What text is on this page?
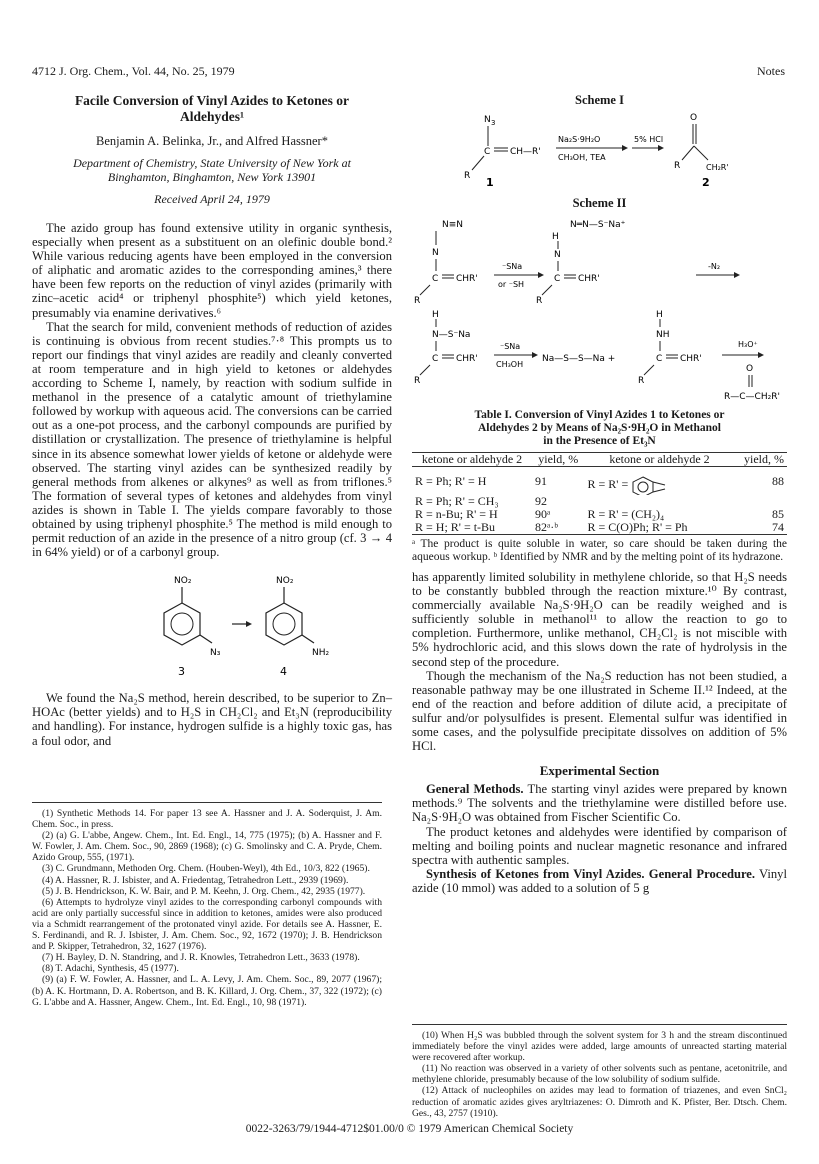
4712 J. Org. Chem., Vol. 44, No. 25, 1979	Notes
Facile Conversion of Vinyl Azides to Ketones or
Aldehydes¹
Benjamin A. Belinka, Jr., and Alfred Hassner*
Department of Chemistry, State University of New York at
Binghamton, Binghamton, New York 13901
Received April 24, 1979

The azido group has found extensive utility in organic synthesis, especially when present as a substituent on an olefinic double bond.² While various reducing agents have been employed in the conversion of aliphatic and aromatic azides to the corresponding amines,³ there have been few reports on the reduction of vinyl azides (primarily with zinc–acetic acid⁴ or triphenyl phosphite⁵) which yield ketones, presumably via enamine derivatives.⁶

That the search for mild, convenient methods of reduction of azides is continuing is obvious from recent studies.⁷·⁸ This prompts us to report our findings that vinyl azides are readily and cleanly converted at room temperature and in high yield to ketones or aldehydes according to Scheme I, namely, by reaction with sodium sulfide in methanol in the presence of a catalytic amount of triethylamine followed by workup with aqueous acid. The conversions can be carried out as a one-pot process, and the carbonyl compounds are purified by distillation or crystallization. The presence of triethylamine is helpful since in its absence somewhat lower yields of ketone or aldehyde were observed. The starting vinyl azides can be synthesized readily by general methods from alkenes or alkynes⁹ as well as from triflones.⁵ The formation of several types of ketones and aldehydes from vinyl azides is shown in Table I. The yields compare favorably to those obtained by using triphenyl phosphite.⁵ The method is mild enough to permit reduction of an azide in the presence of a nitro group (cf. 3 → 4 in 64% yield) or of a carbonyl group.

NO₂
N₃
3
NO₂
NH₂
4

We found the Na₂S method, herein described, to be superior to Zn–HOAc (better yields) and to H₂S in CH₂Cl₂ and Et₃N (reproducibility and handling). For instance, hydrogen sulfide is a highly toxic gas, has a foul odor, and

(1) Synthetic Methods 14. For paper 13 see A. Hassner and J. A. Soderquist, J. Am. Chem. Soc., in press.
(2) (a) G. L'abbe, Angew. Chem., Int. Ed. Engl., 14, 775 (1975); (b) A. Hassner and F. W. Fowler, J. Am. Chem. Soc., 90, 2869 (1968); (c) G. Smolinsky and C. A. Pryde, Chem. Azido Group, 555, (1971).
(3) C. Grundmann, Methoden Org. Chem. (Houben-Weyl), 4th Ed., 10/3, 822 (1965).
(4) A. Hassner, R. J. Isbister, and A. Friedentag, Tetrahedron Lett., 2939 (1969).
(5) J. B. Hendrickson, K. W. Bair, and P. M. Keehn, J. Org. Chem., 42, 2935 (1977).
(6) Attempts to hydrolyze vinyl azides to the corresponding carbonyl compounds with acid are only partially successful since in addition to ketones, amides were also produced via a Schmidt rearrangement of the protonated vinyl azide. For details see A. Hassner, E. S. Ferdinandi, and R. J. Isbister, J. Am. Chem. Soc., 92, 1672 (1970); J. B. Hendrickson and P. Skipper, Tetrahedron, 32, 1627 (1976).
(7) H. Bayley, D. N. Standring, and J. R. Knowles, Tetrahedron Lett., 3633 (1978).
(8) T. Adachi, Synthesis, 45 (1977).
(9) (a) F. W. Fowler, A. Hassner, and L. A. Levy, J. Am. Chem. Soc., 89, 2077 (1967); (b) A. K. Hortmann, D. A. Robertson, and B. K. Killard, J. Org. Chem., 37, 322 (1972); (c) G. L'abbe and A. Hassner, Angew. Chem., Int. Ed. Engl., 10, 98 (1971).
Scheme I
N 3
C CH—R'
R
Na₂S·9H₂O
CH₃OH, TEA
5% HCl
O
R	CH₂R'
1	2
Scheme II
N≡N
N
C CHR'
R
⁻SNa
or ⁻SH
N═N—S⁻Na⁺
H
N
C CHR'
R
-N₂
H
N—S⁻Na
C CHR'
R
⁻SNa
CH₃OH
Na—S—S—Na +
H
NH
C CHR'
R
H₃O⁺
O
R—C—CH₂R'
Table I. Conversion of Vinyl Azides 1 to Ketones or
Aldehydes 2 by Means of Na₂S·9H₂O in Methanol
in the Presence of Et₃N
ketone or aldehyde 2	yield, %	ketone or aldehyde 2	yield, %
R = Ph; R' = H	91	R = R' =	88
R = Ph; R' = CH₃	92		
R = n-Bu; R' = H	90ᵃ	R = R' = (CH₂)₄	85
R = H; R' = t-Bu	82ᵃ·ᵇ	R = C(O)Ph; R' = Ph	74
ᵃ The product is quite soluble in water, so care should be taken during the aqueous workup. ᵇ Identified by NMR and by the melting point of its hydrazone.

has apparently limited solubility in methylene chloride, so that H₂S needs to be constantly bubbled through the reaction mixture.¹⁰ By contrast, commercially available Na₂S·9H₂O can be readily weighed and is sufficiently soluble in methanol¹¹ to allow the reaction to go to completion. Furthermore, unlike methanol, CH₂Cl₂ is not miscible with 5% hydrochloric acid, and this slows down the rate of hydrolysis in the second step of the procedure.

Though the mechanism of the Na₂S reduction has not been studied, a reasonable pathway may be one illustrated in Scheme II.¹² Indeed, at the end of the reaction and before addition of dilute acid, a precipitate of sulfur and/or polysulfides is present. Elemental sulfur was identified in some cases, and the polysulfide precipitate dissolves on addition of 5% HCl.

Experimental Section

General Methods. The starting vinyl azides were prepared by known methods.⁹ The solvents and the triethylamine were distilled before use. Na₂S·9H₂O was obtained from Fischer Scientific Co.

The product ketones and aldehydes were identified by comparison of melting and boiling points and nuclear magnetic resonance and infrared spectra with authentic samples.

Synthesis of Ketones from Vinyl Azides. General Procedure. Vinyl azide (10 mmol) was added to a solution of 5 g

(10) When H₂S was bubbled through the solvent system for 3 h and the stream discontinued immediately before the vinyl azides were added, large amounts of unreacted starting material were recovered after workup.
(11) No reaction was observed in a variety of other solvents such as pentane, acetonitrile, and methylene chloride, presumably because of the low solubility of sodium sulfide.
(12) Attack of nucleophiles on azides may lead to formation of triazenes, and even SnCl₂ reduction of aromatic azides gives aryltriazenes: O. Dimroth and K. Pfister, Ber. Dtsch. Chem. Ges., 43, 2757 (1910).
0022-3263/79/1944-4712$01.00/0 © 1979 American Chemical Society
